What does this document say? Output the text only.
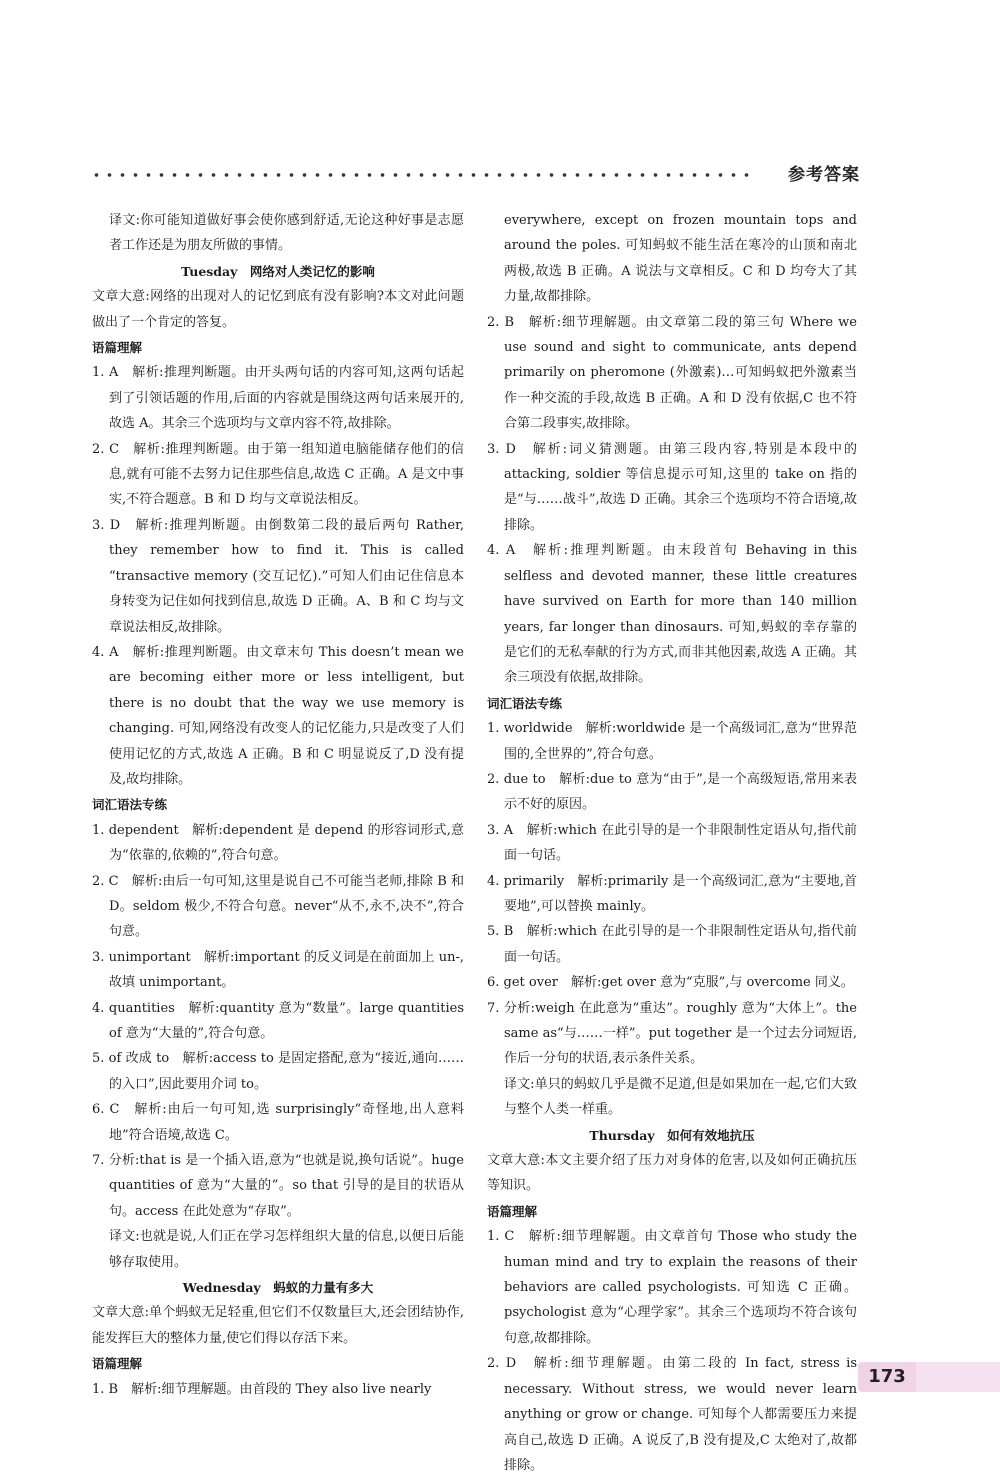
参考答案

译文:你可能知道做好事会使你感到舒适,无论这种好事是志愿者工作还是为朋友所做的事情。

Tuesday　网络对人类记忆的影响

文章大意:网络的出现对人的记忆到底有没有影响?本文对此问题做出了一个肯定的答复。

语篇理解

1. A　解析:推理判断题。由开头两句话的内容可知,这两句话起到了引领话题的作用,后面的内容就是围绕这两句话来展开的,故选 A。其余三个选项均与文章内容不符,故排除。

2. C　解析:推理判断题。由于第一组知道电脑能储存他们的信息,就有可能不去努力记住那些信息,故选 C 正确。A 是文中事实,不符合题意。B 和 D 均与文章说法相反。

3. D　解析:推理判断题。由倒数第二段的最后两句 Rather, they remember how to find it. This is called “transactive memory (交互记忆).”可知人们由记住信息本身转变为记住如何找到信息,故选 D 正确。A、B 和 C 均与文章说法相反,故排除。

4. A　解析:推理判断题。由文章末句 This doesn’t mean we are becoming either more or less intelligent, but there is no doubt that the way we use memory is changing. 可知,网络没有改变人的记忆能力,只是改变了人们使用记忆的方式,故选 A 正确。B 和 C 明显说反了,D 没有提及,故均排除。

词汇语法专练

1. dependent　解析:dependent 是 depend 的形容词形式,意为“依靠的,依赖的”,符合句意。

2. C　解析:由后一句可知,这里是说自己不可能当老师,排除 B 和 D。seldom 极少,不符合句意。never“从不,永不,决不”,符合句意。

3. unimportant　解析:important 的反义词是在前面加上 un-,故填 unimportant。

4. quantities　解析:quantity 意为“数量”。large quantities of 意为“大量的”,符合句意。

5. of 改成 to　解析:access to 是固定搭配,意为“接近,通向……的入口”,因此要用介词 to。

6. C　解析:由后一句可知,选 surprisingly“奇怪地,出人意料地”符合语境,故选 C。

7. 分析:that is 是一个插入语,意为“也就是说,换句话说”。huge quantities of 意为“大量的”。so that 引导的是目的状语从句。access 在此处意为“存取”。

译文:也就是说,人们正在学习怎样组织大量的信息,以便日后能够存取使用。

Wednesday　蚂蚁的力量有多大

文章大意:单个蚂蚁无足轻重,但它们不仅数量巨大,还会团结协作,能发挥巨大的整体力量,使它们得以存活下来。

语篇理解

1. B　解析:细节理解题。由首段的 They also live nearly

everywhere, except on frozen mountain tops and around the poles. 可知蚂蚁不能生活在寒冷的山顶和南北两极,故选 B 正确。A 说法与文章相反。C 和 D 均夸大了其力量,故都排除。

2. B　解析:细节理解题。由文章第二段的第三句 Where we use sound and sight to communicate, ants depend primarily on pheromone (外激素)…可知蚂蚁把外激素当作一种交流的手段,故选 B 正确。A 和 D 没有依据,C 也不符合第二段事实,故排除。

3. D　解析:词义猜测题。由第三段内容,特别是本段中的 attacking, soldier 等信息提示可知,这里的 take on 指的是“与……战斗”,故选 D 正确。其余三个选项均不符合语境,故排除。

4. A　解析:推理判断题。由末段首句 Behaving in this selfless and devoted manner, these little creatures have survived on Earth for more than 140 million years, far longer than dinosaurs. 可知,蚂蚁的幸存靠的是它们的无私奉献的行为方式,而非其他因素,故选 A 正确。其余三项没有依据,故排除。

词汇语法专练

1. worldwide　解析:worldwide 是一个高级词汇,意为“世界范围的,全世界的”,符合句意。

2. due to　解析:due to 意为“由于”,是一个高级短语,常用来表示不好的原因。

3. A　解析:which 在此引导的是一个非限制性定语从句,指代前面一句话。

4. primarily　解析:primarily 是一个高级词汇,意为“主要地,首要地”,可以替换 mainly。

5. B　解析:which 在此引导的是一个非限制性定语从句,指代前面一句话。

6. get over　解析:get over 意为“克服”,与 overcome 同义。

7. 分析:weigh 在此意为“重达”。roughly 意为“大体上”。the same as“与……一样”。put together 是一个过去分词短语,作后一分句的状语,表示条件关系。

译文:单只的蚂蚁几乎是微不足道,但是如果加在一起,它们大致与整个人类一样重。

Thursday　如何有效地抗压

文章大意:本文主要介绍了压力对身体的危害,以及如何正确抗压等知识。

语篇理解

1. C　解析:细节理解题。由文章首句 Those who study the human mind and try to explain the reasons of their behaviors are called psychologists. 可知选 C 正确。psychologist 意为“心理学家”。其余三个选项均不符合该句句意,故都排除。

2. D　解析:细节理解题。由第二段的 In fact, stress is necessary. Without stress, we would never learn anything or grow or change. 可知每个人都需要压力来提高自己,故选 D 正确。A 说反了,B 没有提及,C 太绝对了,故都排除。

173
